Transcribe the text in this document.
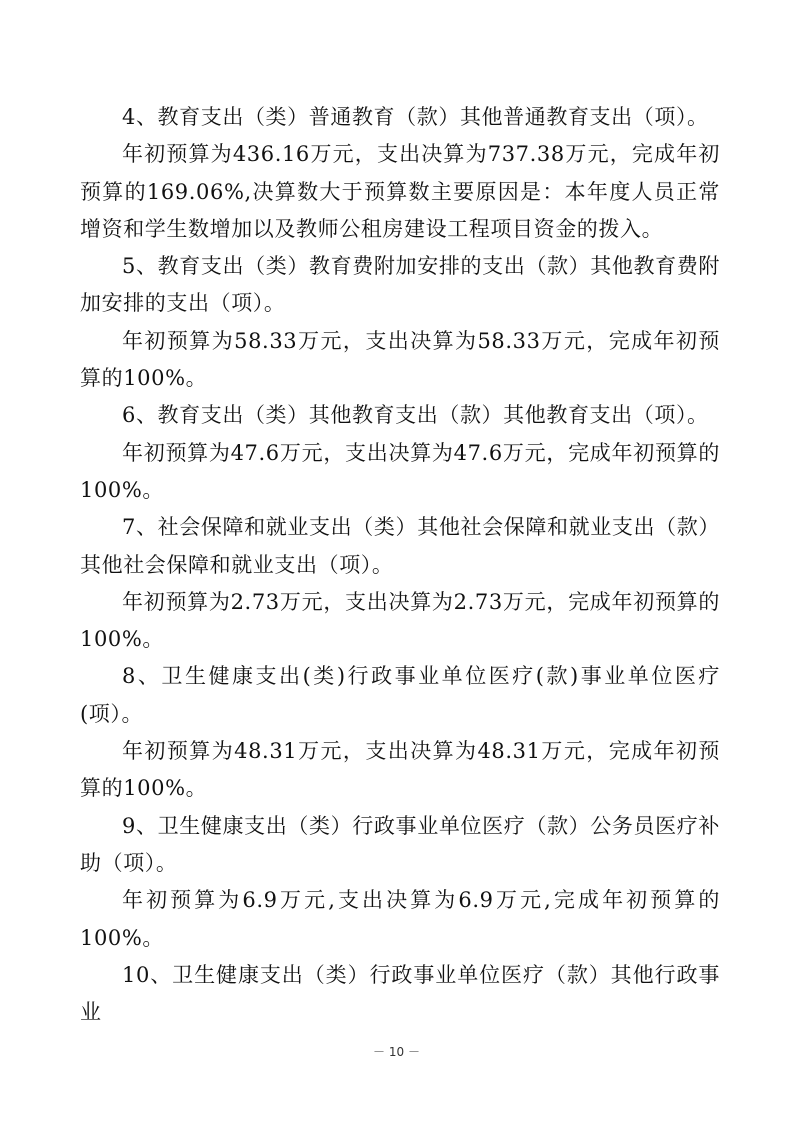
4、教育支出（类）普通教育（款）其他普通教育支出（项）。

年初预算为436.16万元，支出决算为737.38万元，完成年初预算的169.06%,决算数大于预算数主要原因是：本年度人员正常增资和学生数增加以及教师公租房建设工程项目资金的拨入。

5、教育支出（类）教育费附加安排的支出（款）其他教育费附加安排的支出（项）。

年初预算为58.33万元，支出决算为58.33万元，完成年初预算的100%。

6、教育支出（类）其他教育支出（款）其他教育支出（项）。

年初预算为47.6万元，支出决算为47.6万元，完成年初预算的100%。

7、社会保障和就业支出（类）其他社会保障和就业支出（款）其他社会保障和就业支出（项）。

年初预算为2.73万元，支出决算为2.73万元，完成年初预算的100%。

8、卫生健康支出(类)行政事业单位医疗(款)事业单位医疗(项）。

年初预算为48.31万元，支出决算为48.31万元，完成年初预算的100%。

9、卫生健康支出（类）行政事业单位医疗（款）公务员医疗补助（项）。

年初预算为6.9万元,支出决算为6.9万元,完成年初预算的100%。

10、卫生健康支出（类）行政事业单位医疗（款）其他行政事业

－ 10 －
